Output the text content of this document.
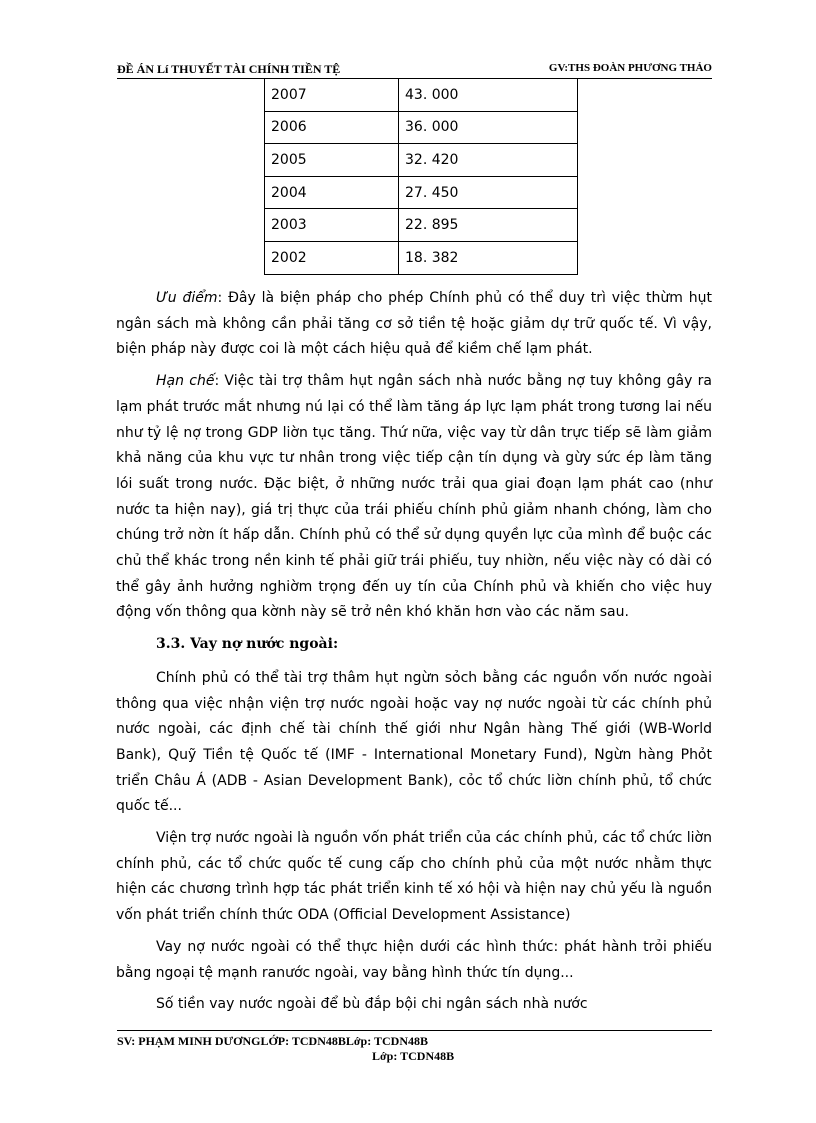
ĐỀ ÁN Lí THUYẾT TÀI CHÍNH TIỀN TỆ	GV:THS ĐOÀN PHƯƠNG THẢO
2007	43. 000
2006	36. 000
2005	32. 420
2004	27. 450
2003	22. 895
2002	18. 382

Ưu điểm: Đây là biện pháp cho phép Chính phủ có thể duy trì việc thừm hụt ngân sách mà không cần phải tăng cơ sở tiền tệ hoặc giảm dự trữ quốc tế. Vì vậy, biện pháp này được coi là một cách hiệu quả để kiềm chế lạm phát.

Hạn chế: Việc tài trợ thâm hụt ngân sách nhà nước bằng nợ tuy không gây ra lạm phát trước mắt nhưng nú lại có thể làm tăng áp lực lạm phát trong tương lai nếu như tỷ lệ nợ trong GDP liờn tục tăng. Thứ nữa, việc vay từ dân trực tiếp sẽ làm giảm khả năng của khu vực tư nhân trong việc tiếp cận tín dụng và gừy sức ép làm tăng lói suất trong nước. Đặc biệt, ở những nước trải qua giai đoạn lạm phát cao (như nước ta hiện nay), giá trị thực của trái phiếu chính phủ giảm nhanh chóng, làm cho chúng trở nờn ít hấp dẫn. Chính phủ có thể sử dụng quyền lực của mình để buộc các chủ thể khác trong nền kinh tế phải giữ trái phiếu, tuy nhiờn, nếu việc này có dài có thể gây ảnh hưởng nghiờm trọng đến uy tín của Chính phủ và khiến cho việc huy động vốn thông qua kờnh này sẽ trở nên khó khăn hơn vào các năm sau.

3.3. Vay nợ nước ngoài:

Chính phủ có thể tài trợ thâm hụt ngừn sỏch bằng các nguồn vốn nước ngoài thông qua việc nhận viện trợ nước ngoài hoặc vay nợ nước ngoài từ các chính phủ nước ngoài, các định chế tài chính thế giới như Ngân hàng Thế giới (WB-World Bank), Quỹ Tiền tệ Quốc tế (IMF - International Monetary Fund), Ngừn hàng Phỏt triển Châu Á (ADB - Asian Development Bank), cỏc tổ chức liờn chính phủ, tổ chức quốc tế...

Viện trợ nước ngoài là nguồn vốn phát triển của các chính phủ, các tổ chức liờn chính phủ, các tổ chức quốc tế cung cấp cho chính phủ của một nước nhằm thực hiện các chương trình hợp tác phát triển kinh tế xó hội và hiện nay chủ yếu là nguồn vốn phát triển chính thức ODA (Official Development Assistance)

Vay nợ nước ngoài có thể thực hiện dưới các hình thức: phát hành trỏi phiếu bằng ngoại tệ mạnh ranước ngoài, vay bằng hình thức tín dụng...

Số tiền vay nước ngoài để bù đắp bội chi ngân sách nhà nước

SV: PHẠM MINH DƯƠNGLỚP: TCDN48BLớp: TCDN48B
Lớp: TCDN48B
